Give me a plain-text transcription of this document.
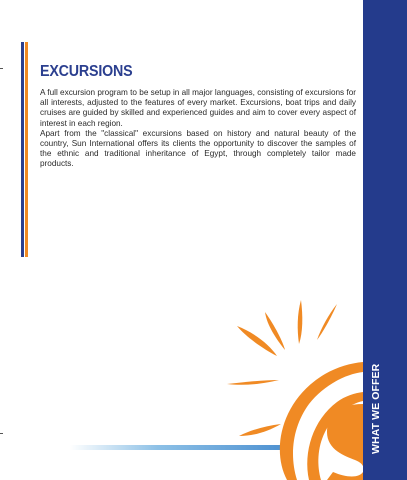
EXCURSIONS

A full excursion program to be setup in all major languages, consisting of excursions for all interests, adjusted to the features of every market. Excursions, boat trips and daily cruises are guided by skilled and experienced guides and aim to cover every aspect of interest in each region.

Apart from the "classical" excursions based on history and natural beauty of the country, Sun International offers its clients the opportunity to discover the samples of the ethnic and traditional inheritance of Egypt, through completely tailor made products.

WHAT WE OFFER
